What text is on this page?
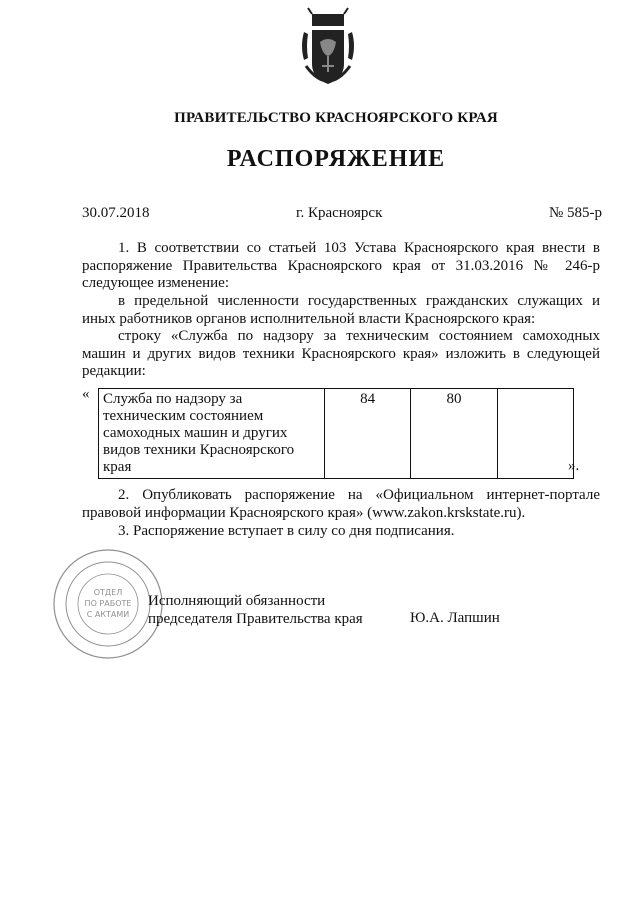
ПРАВИТЕЛЬСТВО КРАСНОЯРСКОГО КРАЯ
РАСПОРЯЖЕНИЕ
30.07.2018	г. Красноярск	№ 585-р
1. В соответствии со статьей 103 Устава Красноярского края внести в распоряжение Правительства Красноярского края от 31.03.2016 № 246-р следующее изменение:
в предельной численности государственных гражданских служащих и иных работников органов исполнительной власти Красноярского края:
строку «Служба по надзору за техническим состоянием самоходных машин и других видов техники Красноярского края» изложить в следующей редакции:
« Служба по надзору за техническим состоянием самоходных машин и других видов техники Красноярского края	84	80	
».
2. Опубликовать распоряжение на «Официальном интернет-портале правовой информации Красноярского края» (www.zakon.krskstate.ru).
3. Распоряжение вступает в силу со дня подписания.
ОТДЕЛ
ПО РАБОТЕ
С АКТАМИ
Исполняющий обязанности
председателя Правительства края	Ю.А. Лапшин
